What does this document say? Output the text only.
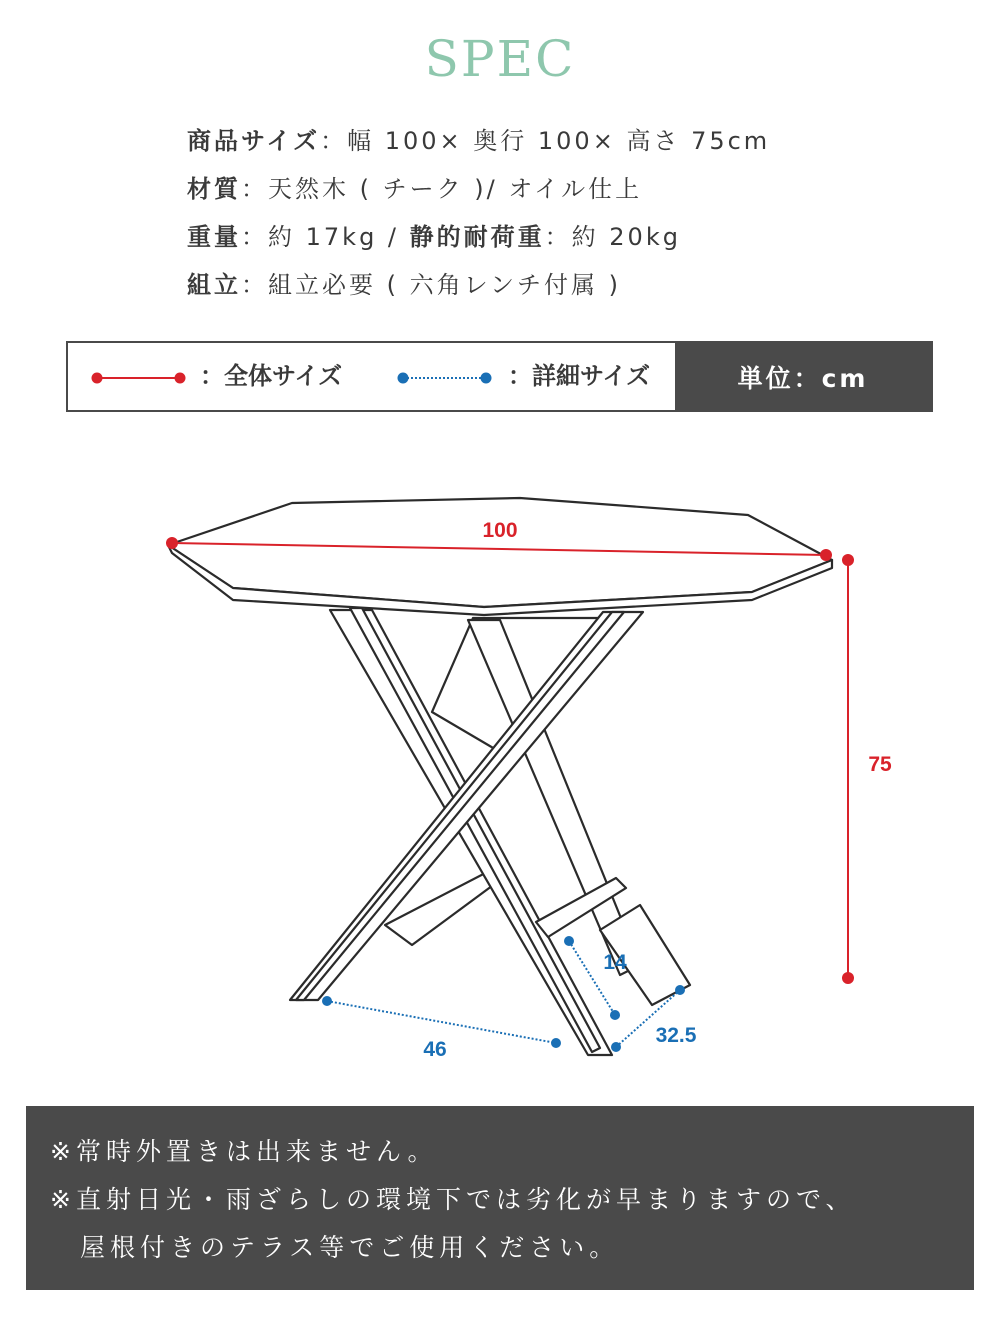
SPEC
商品サイズ：幅 100× 奥行 100× 高さ 75cm
材質：天然木 ( チーク )/ オイル仕上
重量：約 17kg / 静的耐荷重：約 20kg
組立：組立必要 ( 六角レンチ付属 )
：全体サイズ	：詳細サイズ	単位：cm
100
75
46
14
32.5
※常時外置きは出来ません。
※直射日光・雨ざらしの環境下では劣化が早まりますので、
屋根付きのテラス等でご使用ください。
